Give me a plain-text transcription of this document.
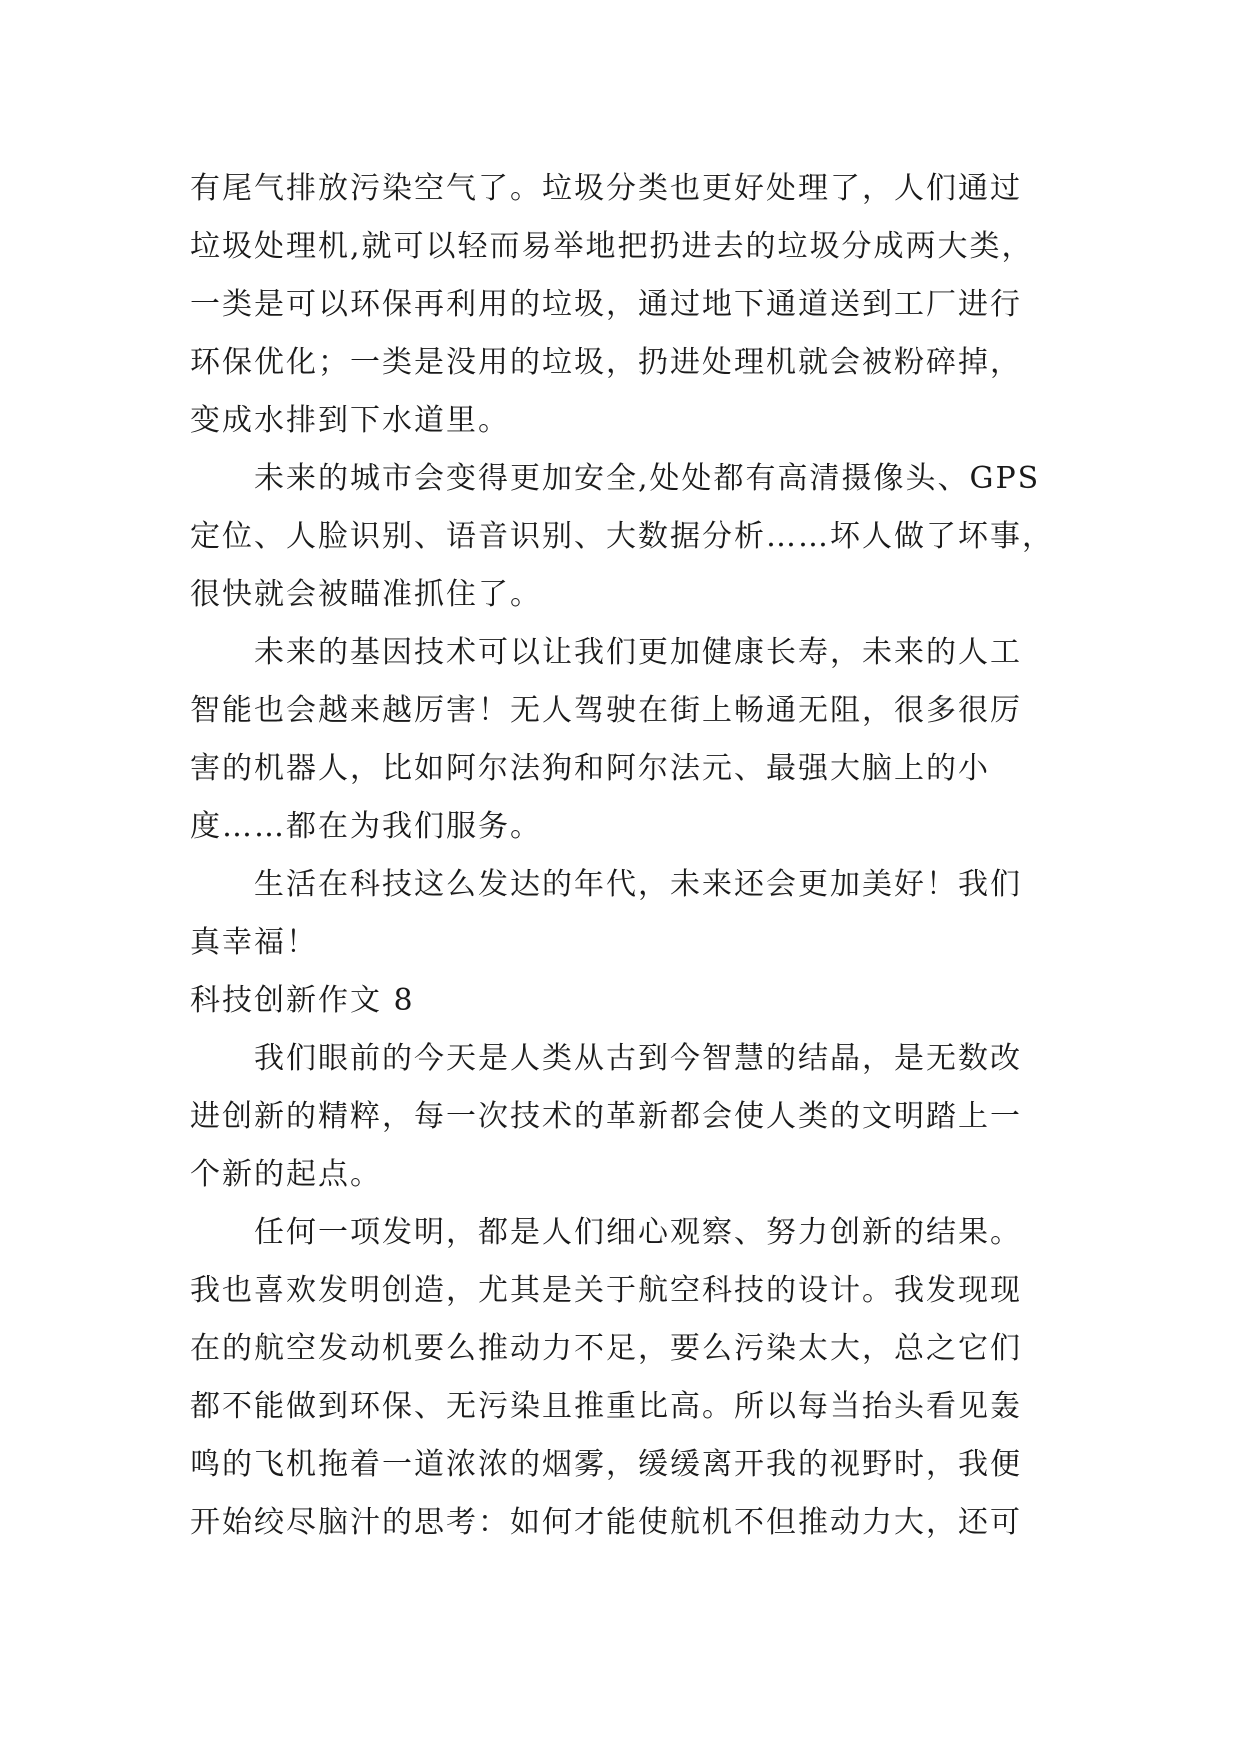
有尾气排放污染空气了。垃圾分类也更好处理了，人们通过
垃圾处理机,就可以轻而易举地把扔进去的垃圾分成两大类，
一类是可以环保再利用的垃圾，通过地下通道送到工厂进行
环保优化；一类是没用的垃圾，扔进处理机就会被粉碎掉，
变成水排到下水道里。
未来的城市会变得更加安全,处处都有高清摄像头、GPS
定位、人脸识别、语音识别、大数据分析……坏人做了坏事，
很快就会被瞄准抓住了。
未来的基因技术可以让我们更加健康长寿，未来的人工
智能也会越来越厉害！无人驾驶在街上畅通无阻，很多很厉
害的机器人，比如阿尔法狗和阿尔法元、最强大脑上的小
度……都在为我们服务。
生活在科技这么发达的年代，未来还会更加美好！我们
真幸福！
科技创新作文 8
我们眼前的今天是人类从古到今智慧的结晶，是无数改
进创新的精粹，每一次技术的革新都会使人类的文明踏上一
个新的起点。
任何一项发明，都是人们细心观察、努力创新的结果。
我也喜欢发明创造，尤其是关于航空科技的设计。我发现现
在的航空发动机要么推动力不足，要么污染太大，总之它们
都不能做到环保、无污染且推重比高。所以每当抬头看见轰
鸣的飞机拖着一道浓浓的烟雾，缓缓离开我的视野时，我便
开始绞尽脑汁的思考：如何才能使航机不但推动力大，还可
